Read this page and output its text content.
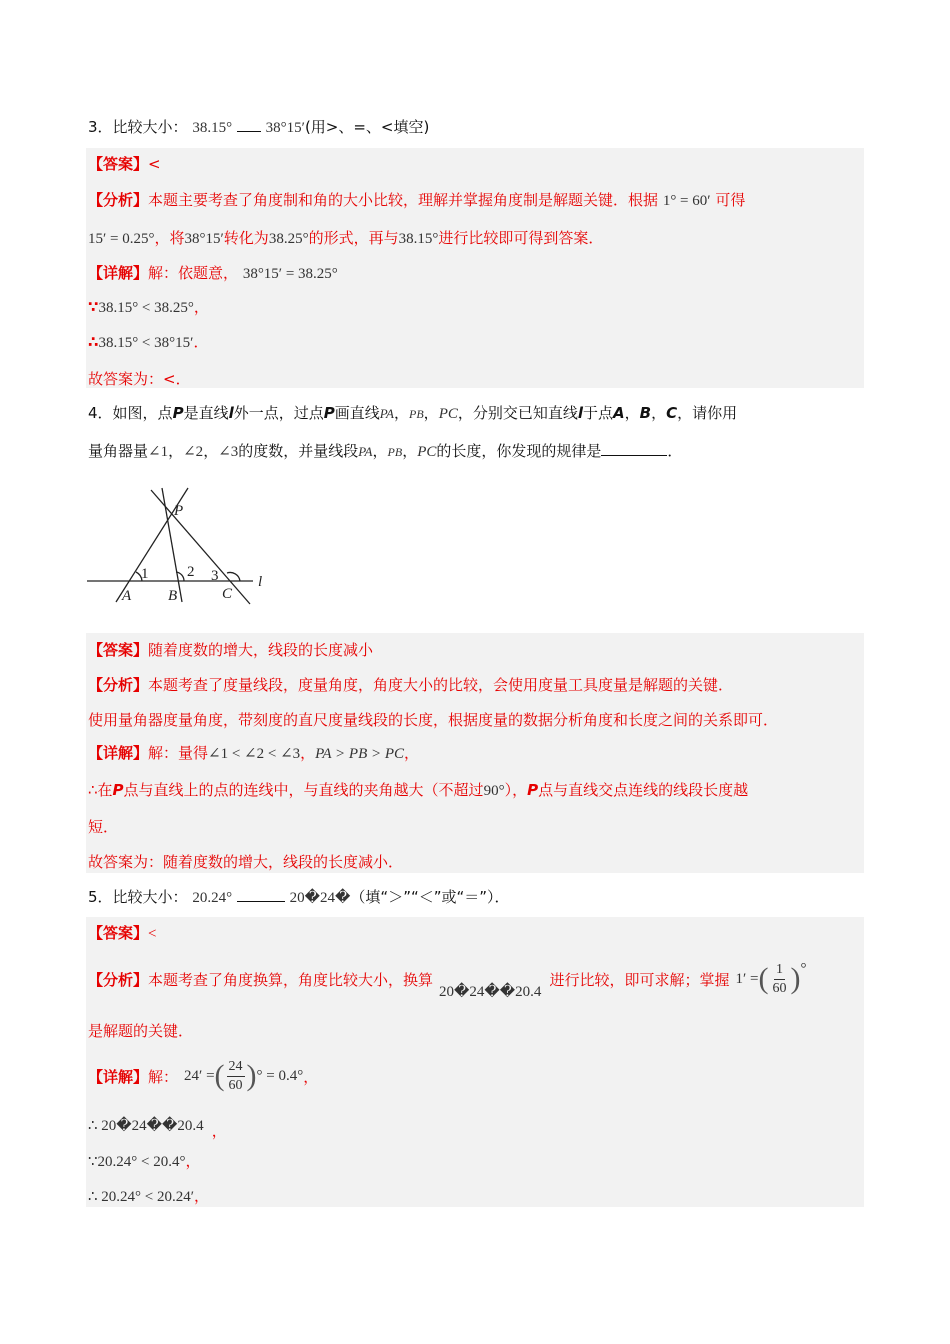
3．比较大小： 38.15° 38°15′(用>、=、<填空)
【答案】<
【分析】本题主要考查了角度制和角的大小比较，理解并掌握角度制是解题关键．根据 1° = 60′ 可得
15′ = 0.25°，将38°15′转化为38.25°的形式，再与38.15°进行比较即可得到答案．
【详解】解：依题意， 38°15′ = 38.25°
∵38.15° < 38.25°，
∴38.15° < 38°15′．
故答案为：<．
4．如图，点P是直线l外一点，过点P画直线PA，PB，PC，分别交已知直线l于点A，B，C，请你用
量角器量∠1，∠2，∠3的度数，并量线段PA，PB，PC的长度，你发现的规律是	．
P
A B	C
l
1	2 3
【答案】随着度数的增大，线段的长度减小
【分析】本题考查了度量线段，度量角度，角度大小的比较，会使用度量工具度量是解题的关键．
使用量角器度量角度，带刻度的直尺度量线段的长度，根据度量的数据分析角度和长度之间的关系即可．
【详解】解：量得∠1 < ∠2 < ∠3，PA > PB > PC，
∴在P点与直线上的点的连线中，与直线的夹角越大（不超过90°），P点与直线交点连线的线段长度越
短．
故答案为：随着度数的增大，线段的长度减小．
5．比较大小： 20.24°	20�24�（填“＞”“＜”或“＝”）．
【答案】<
【分析】 本题考查了角度换算，角度比较大小，换算
20�24��20.4
进行比较，即可求解；掌握 1′ = ( $\frac{1}{60}$ ) °
是解题的关键．
【详解】 解： 24′ = ( $\frac{24}{60}$ ) ° = 0.4° ，
∴ 20�24��20.4 ，
∵20.24° < 20.4°，
∴ 20.24° < 20.24′，
